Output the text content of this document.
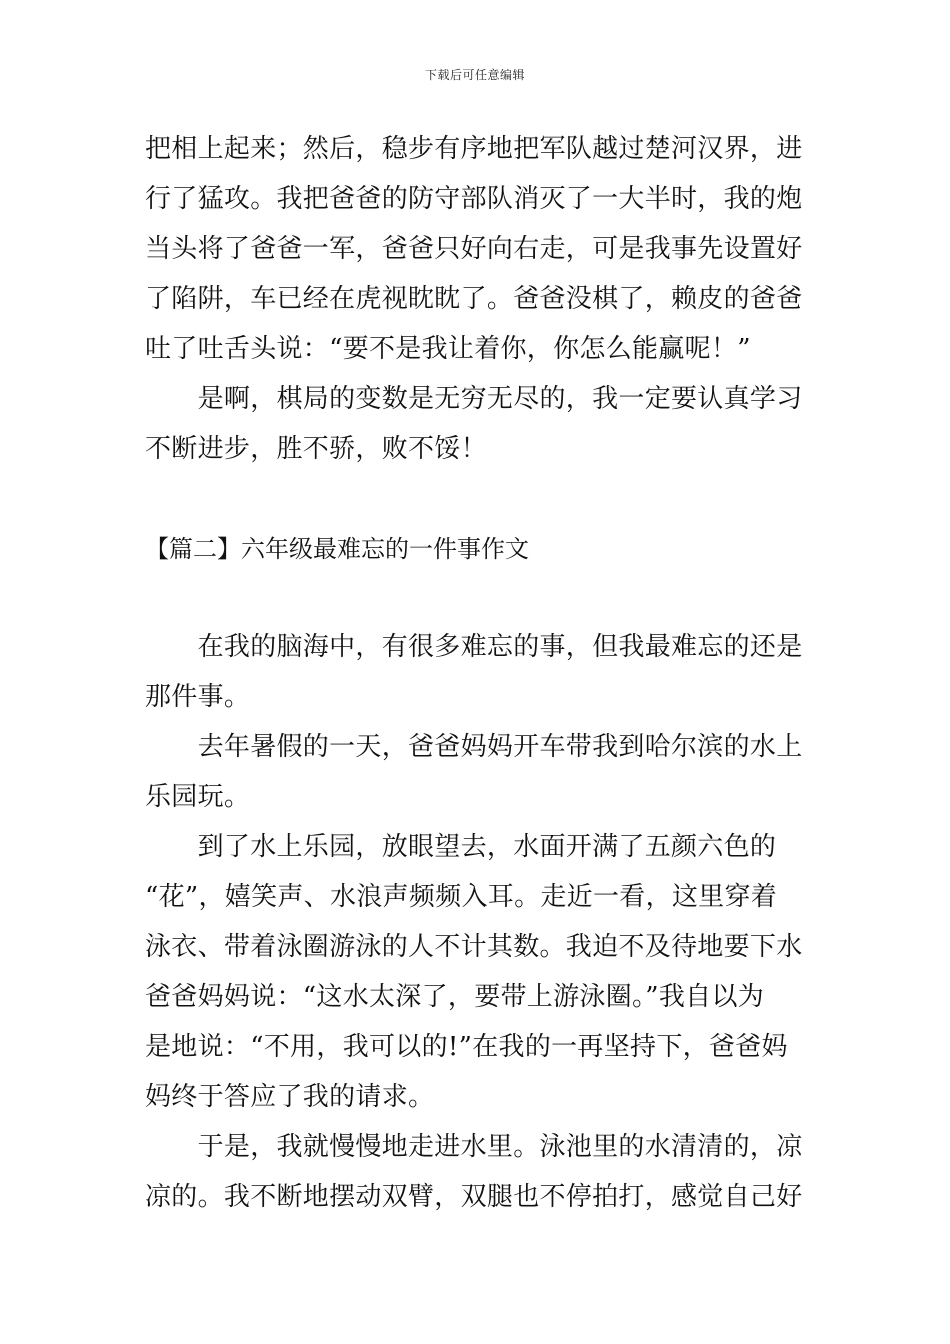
下载后可任意编辑
把相上起来；然后，稳步有序地把军队越过楚河汉界，进
行了猛攻。我把爸爸的防守部队消灭了一大半时，我的炮
当头将了爸爸一军，爸爸只好向右走，可是我事先设置好
了陷阱，车已经在虎视眈眈了。爸爸没棋了，赖皮的爸爸
吐了吐舌头说：“要不是我让着你，你怎么能赢呢！”
　　是啊，棋局的变数是无穷无尽的，我一定要认真学习
不断进步，胜不骄，败不馁！
【篇二】六年级最难忘的一件事作文
　　在我的脑海中，有很多难忘的事，但我最难忘的还是
那件事。
　　去年暑假的一天，爸爸妈妈开车带我到哈尔滨的水上
乐园玩。
　　到了水上乐园，放眼望去，水面开满了五颜六色的
“花”，嬉笑声、水浪声频频入耳。走近一看，这里穿着
泳衣、带着泳圈游泳的人不计其数。我迫不及待地要下水
爸爸妈妈说：“这水太深了，要带上游泳圈。”我自以为
是地说：“不用，我可以的!”在我的一再坚持下，爸爸妈
妈终于答应了我的请求。
　　于是，我就慢慢地走进水里。泳池里的水清清的，凉
凉的。我不断地摆动双臂，双腿也不停拍打，感觉自己好
